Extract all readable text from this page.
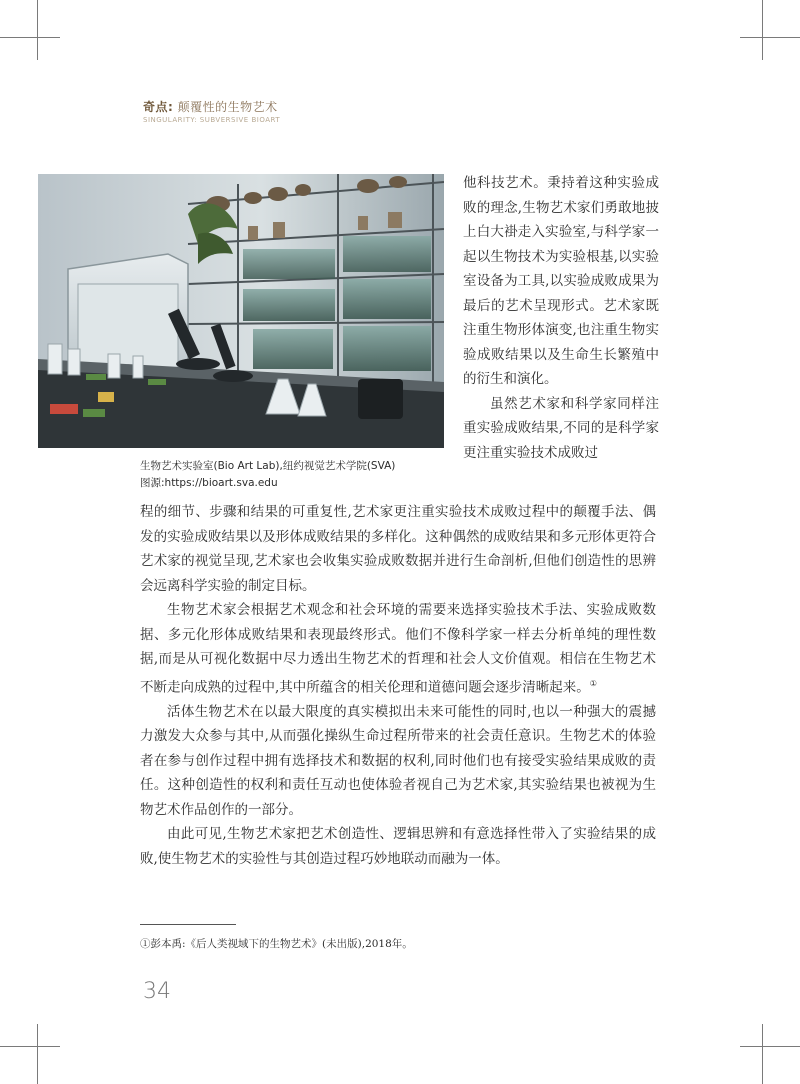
奇点: 颠覆性的生物艺术
SINGULARITY: SUBVERSIVE BIOART
生物艺术实验室(Bio Art Lab),纽约视觉艺术学院(SVA)
图源:https://bioart.sva.edu

他科技艺术。秉持着这种实验成败的理念,生物艺术家们勇敢地披上白大褂走入实验室,与科学家一起以生物技术为实验根基,以实验室设备为工具,以实验成败成果为最后的艺术呈现形式。艺术家既注重生物形体演变,也注重生物实验成败结果以及生命生长繁殖中的衍生和演化。

虽然艺术家和科学家同样注重实验成败结果,不同的是科学家更注重实验技术成败过

程的细节、步骤和结果的可重复性,艺术家更注重实验技术成败过程中的颠覆手法、偶发的实验成败结果以及形体成败结果的多样化。这种偶然的成败结果和多元形体更符合艺术家的视觉呈现,艺术家也会收集实验成败数据并进行生命剖析,但他们创造性的思辨会远离科学实验的制定目标。

生物艺术家会根据艺术观念和社会环境的需要来选择实验技术手法、实验成败数据、多元化形体成败结果和表现最终形式。他们不像科学家一样去分析单纯的理性数据,而是从可视化数据中尽力透出生物艺术的哲理和社会人文价值观。相信在生物艺术不断走向成熟的过程中,其中所蕴含的相关伦理和道德问题会逐步清晰起来。①

活体生物艺术在以最大限度的真实模拟出未来可能性的同时,也以一种强大的震撼力激发大众参与其中,从而强化操纵生命过程所带来的社会责任意识。生物艺术的体验者在参与创作过程中拥有选择技术和数据的权利,同时他们也有接受实验结果成败的责任。这种创造性的权利和责任互动也使体验者视自己为艺术家,其实验结果也被视为生物艺术作品创作的一部分。

由此可见,生物艺术家把艺术创造性、逻辑思辨和有意选择性带入了实验结果的成败,使生物艺术的实验性与其创造过程巧妙地联动而融为一体。

①彭本禹:《后人类视域下的生物艺术》(未出版),2018年。
34
